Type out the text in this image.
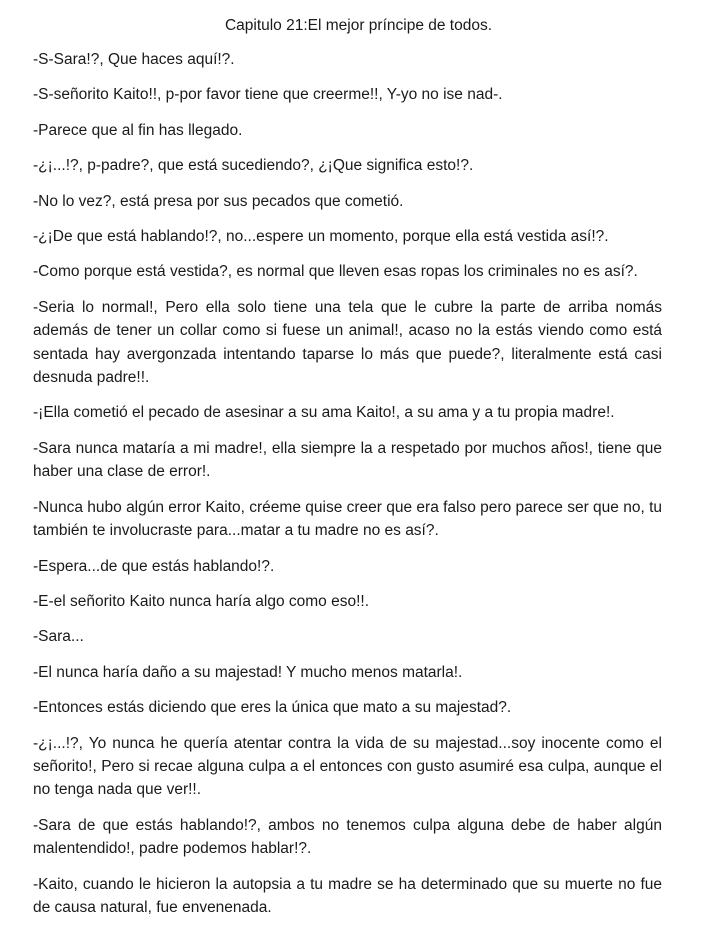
Capitulo 21:El mejor príncipe de todos.
-S-Sara!?, Que haces aquí!?.
-S-señorito Kaito!!, p-por favor tiene que creerme!!, Y-yo no ise nad-.
-Parece que al fin has llegado.
-¿¡...!?, p-padre?, que está sucediendo?, ¿¡Que significa esto!?.
-No lo vez?, está presa por sus pecados que cometió.
-¿¡De que está hablando!?, no...espere un momento, porque ella está vestida así!?.
-Como porque está vestida?, es normal que lleven esas ropas los criminales no es así?.
-Seria lo normal!, Pero ella solo tiene una tela que le cubre la parte de arriba nomás además de tener un collar como si fuese un animal!, acaso no la estás viendo como está sentada hay avergonzada intentando taparse lo más que puede?, literalmente está casi desnuda padre!!.
-¡Ella cometió el pecado de asesinar a su ama Kaito!, a su ama y a tu propia madre!.
-Sara nunca mataría a mi madre!, ella siempre la a respetado por muchos años!, tiene que haber una clase de error!.
-Nunca hubo algún error Kaito, créeme quise creer que era falso pero parece ser que no, tu también te involucraste para...matar a tu madre no es así?.
-Espera...de que estás hablando!?.
-E-el señorito Kaito nunca haría algo como eso!!.
-Sara...
-El nunca haría daño a su majestad! Y mucho menos matarla!.
-Entonces estás diciendo que eres la única que mato a su majestad?.
-¿¡...!?, Yo nunca he quería atentar contra la vida de su majestad...soy inocente como el señorito!, Pero si recae alguna culpa a el entonces con gusto asumiré esa culpa, aunque el no tenga nada que ver!!.
-Sara de que estás hablando!?, ambos no tenemos culpa alguna debe de haber algún malentendido!, padre podemos hablar!?.
-Kaito, cuando le hicieron la autopsia a tu madre se ha determinado que su muerte no fue de causa natural, fue envenenada.
